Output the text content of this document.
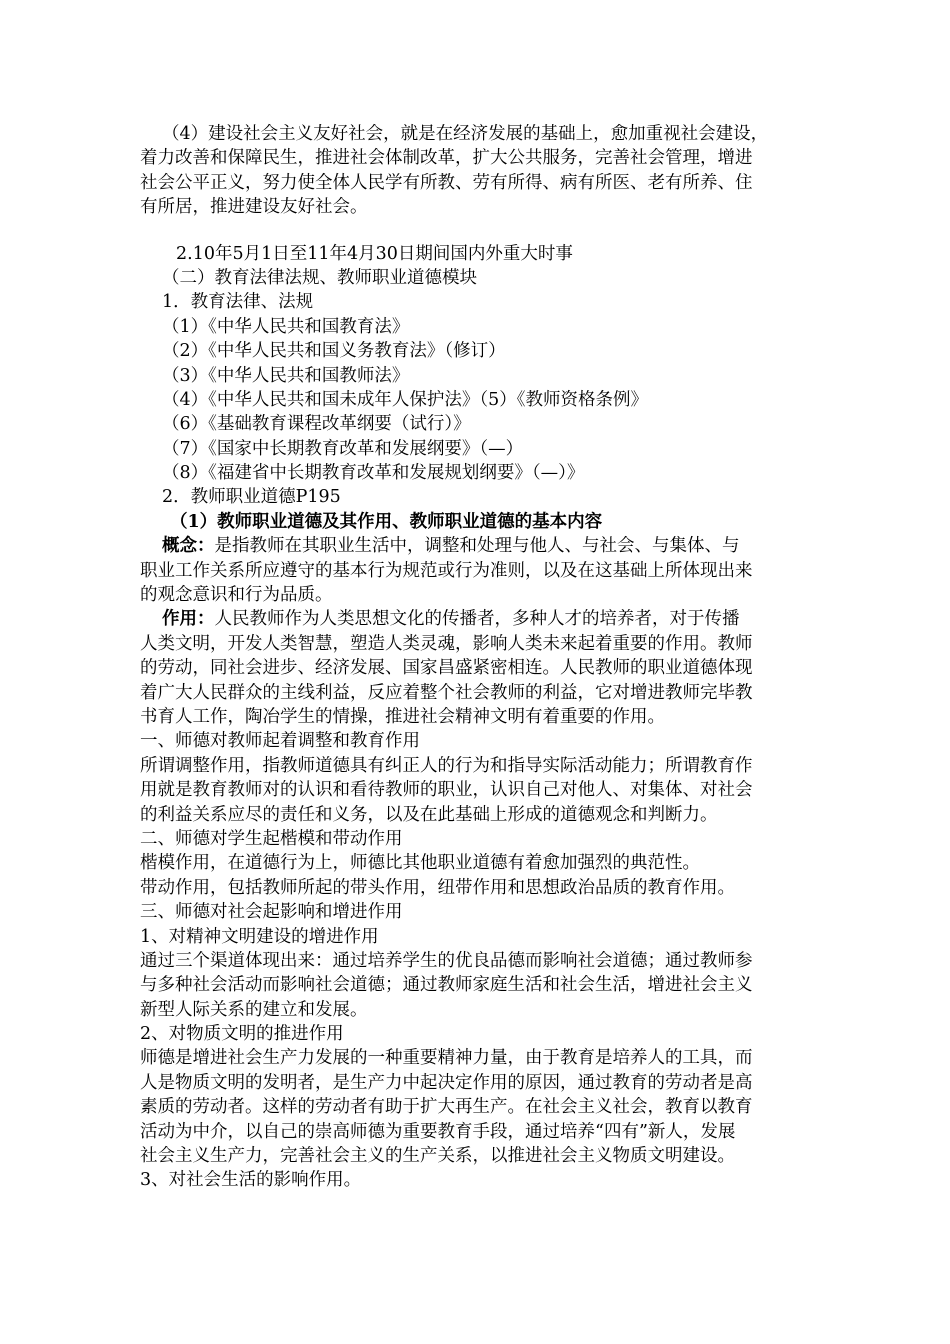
（4）建设社会主义友好社会，就是在经济发展的基础上，愈加重视社会建设，
着力改善和保障民生，推进社会体制改革，扩大公共服务，完善社会管理，增进
社会公平正义，努力使全体人民学有所教、劳有所得、病有所医、老有所养、住
有所居，推进建设友好社会。
2.10年5月1日至11年4月30日期间国内外重大时事
（二）教育法律法规、教师职业道德模块
1．教育法律、法规
（1）《中华人民共和国教育法》
（2）《中华人民共和国义务教育法》（修订）
（3）《中华人民共和国教师法》
（4）《中华人民共和国未成年人保护法》（5）《教师资格条例》
（6）《基础教育课程改革纲要（试行）》
（7）《国家中长期教育改革和发展纲要》（—）
（8）《福建省中长期教育改革和发展规划纲要》（—）》
2．教师职业道德P195
（1）教师职业道德及其作用、教师职业道德的基本内容
概念：是指教师在其职业生活中，调整和处理与他人、与社会、与集体、与
职业工作关系所应遵守的基本行为规范或行为准则，以及在这基础上所体现出来
的观念意识和行为品质。
作用：人民教师作为人类思想文化的传播者，多种人才的培养者，对于传播
人类文明，开发人类智慧，塑造人类灵魂，影响人类未来起着重要的作用。教师
的劳动，同社会进步、经济发展、国家昌盛紧密相连。人民教师的职业道德体现
着广大人民群众的主线利益，反应着整个社会教师的利益，它对增进教师完毕教
书育人工作，陶冶学生的情操，推进社会精神文明有着重要的作用。
一、师德对教师起着调整和教育作用
所谓调整作用，指教师道德具有纠正人的行为和指导实际活动能力；所谓教育作
用就是教育教师对的认识和看待教师的职业，认识自己对他人、对集体、对社会
的利益关系应尽的责任和义务，以及在此基础上形成的道德观念和判断力。
二、师德对学生起楷模和带动作用
楷模作用，在道德行为上，师德比其他职业道德有着愈加强烈的典范性。
带动作用，包括教师所起的带头作用，纽带作用和思想政治品质的教育作用。
三、师德对社会起影响和增进作用
1、对精神文明建设的增进作用
通过三个渠道体现出来：通过培养学生的优良品德而影响社会道德；通过教师参
与多种社会活动而影响社会道德；通过教师家庭生活和社会生活，增进社会主义
新型人际关系的建立和发展。
2、对物质文明的推进作用
师德是增进社会生产力发展的一种重要精神力量，由于教育是培养人的工具，而
人是物质文明的发明者，是生产力中起决定作用的原因，通过教育的劳动者是高
素质的劳动者。这样的劳动者有助于扩大再生产。在社会主义社会，教育以教育
活动为中介，以自己的崇高师德为重要教育手段，通过培养“四有”新人，发展
社会主义生产力，完善社会主义的生产关系，以推进社会主义物质文明建设。
3、对社会生活的影响作用。
